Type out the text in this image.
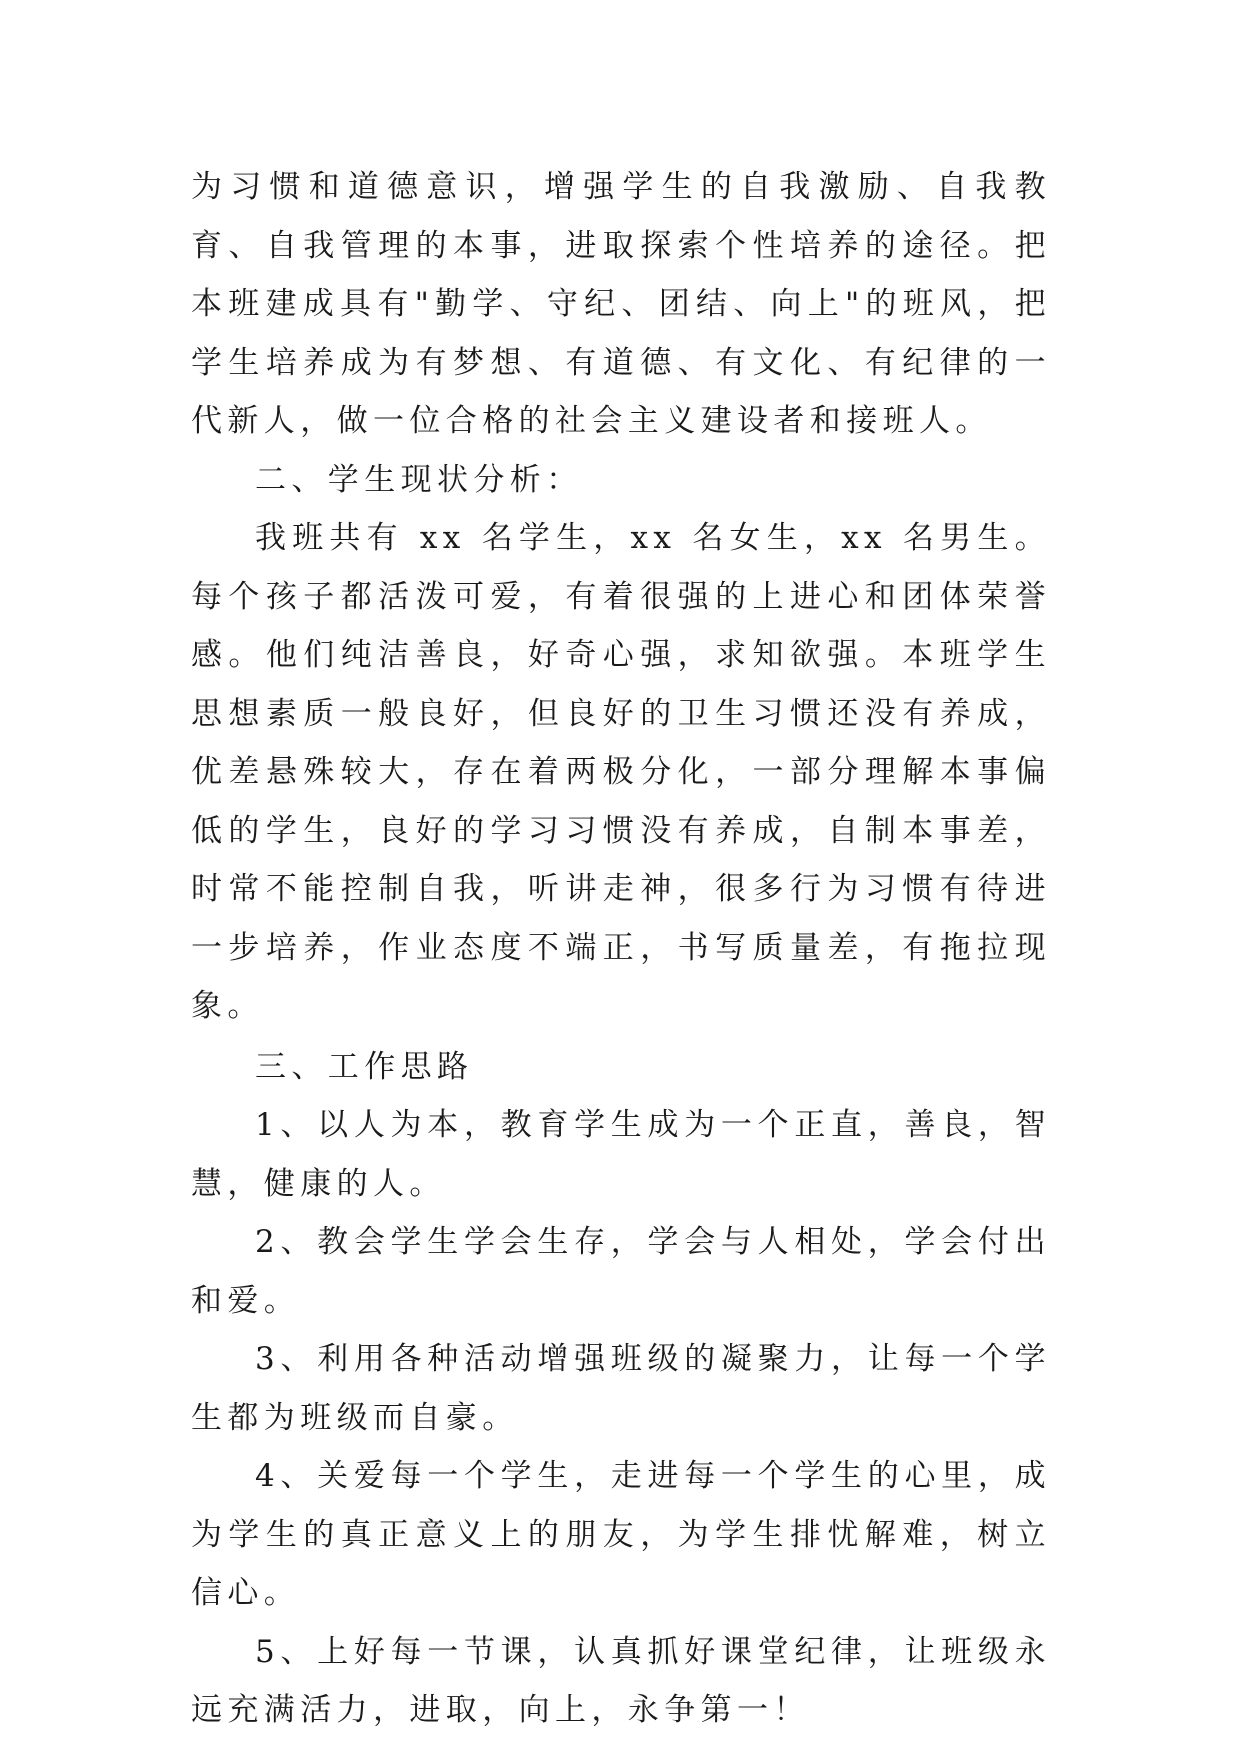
为习惯和道德意识，增强学生的自我激励、自我教育、自我管理的本事，进取探索个性培养的途径。把本班建成具有"勤学、守纪、团结、向上"的班风，把学生培养成为有梦想、有道德、有文化、有纪律的一代新人，做一位合格的社会主义建设者和接班人。

二、学生现状分析：

我班共有 xx 名学生，xx 名女生，xx 名男生。每个孩子都活泼可爱，有着很强的上进心和团体荣誉感。他们纯洁善良，好奇心强，求知欲强。本班学生思想素质一般良好，但良好的卫生习惯还没有养成，优差悬殊较大，存在着两极分化，一部分理解本事偏低的学生，良好的学习习惯没有养成，自制本事差，时常不能控制自我，听讲走神，很多行为习惯有待进一步培养，作业态度不端正，书写质量差，有拖拉现象。

三、工作思路

1、以人为本，教育学生成为一个正直，善良，智慧，健康的人。

2、教会学生学会生存，学会与人相处，学会付出和爱。

3、利用各种活动增强班级的凝聚力，让每一个学生都为班级而自豪。

4、关爱每一个学生，走进每一个学生的心里，成为学生的真正意义上的朋友，为学生排忧解难，树立信心。

5、上好每一节课，认真抓好课堂纪律，让班级永远充满活力，进取，向上，永争第一！
